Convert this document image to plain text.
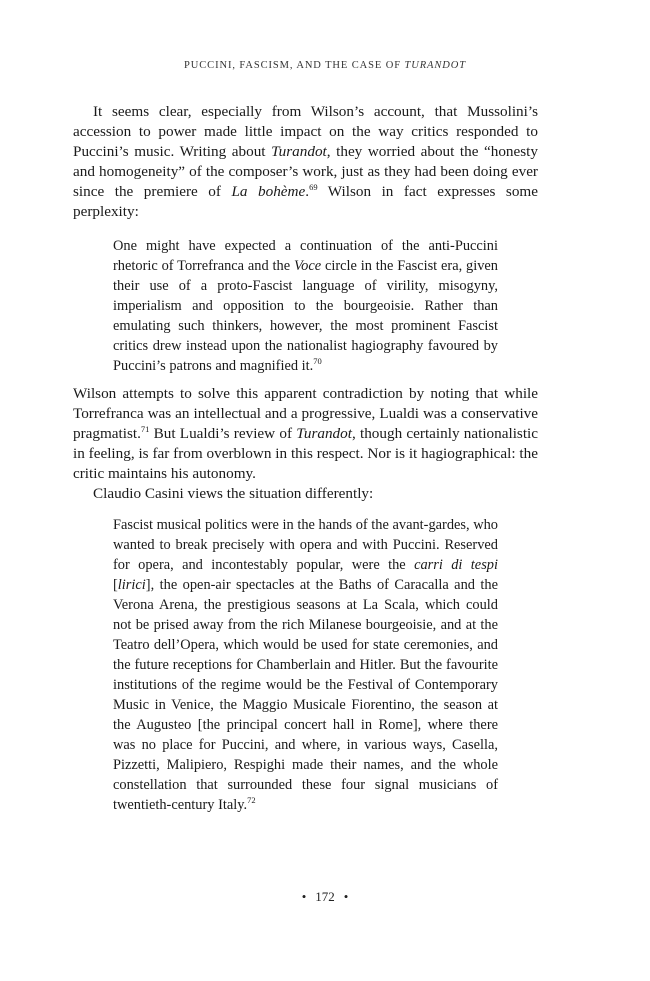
PUCCINI, FASCISM, AND THE CASE OF TURANDOT

It seems clear, especially from Wilson’s account, that Mussolini’s accession to power made little impact on the way critics responded to Puccini’s music. Writing about Turandot, they worried about the “honesty and homogeneity” of the composer’s work, just as they had been doing ever since the premiere of La bohème.$^{69}$ Wilson in fact expresses some perplexity:

One might have expected a continuation of the anti-Puccini rhetoric of Torrefranca and the Voce circle in the Fascist era, given their use of a proto-Fascist language of virility, misogyny, imperialism and opposition to the bourgeoisie. Rather than emulating such thinkers, however, the most prominent Fascist critics drew instead upon the nationalist hagiography favoured by Puccini’s patrons and magnified it.$^{70}$

Wilson attempts to solve this apparent contradiction by noting that while Torrefranca was an intellectual and a progressive, Lualdi was a conservative pragmatist.$^{71}$ But Lualdi’s review of Turandot, though certainly nationalistic in feeling, is far from overblown in this respect. Nor is it hagiographical: the critic maintains his autonomy.

Claudio Casini views the situation differently:

Fascist musical politics were in the hands of the avant-gardes, who wanted to break precisely with opera and with Puccini. Reserved for opera, and incontestably popular, were the carri di tespi [lirici], the open-air spectacles at the Baths of Caracalla and the Verona Arena, the prestigious seasons at La Scala, which could not be prised away from the rich Milanese bourgeoisie, and at the Teatro dell’Opera, which would be used for state ceremonies, and the future receptions for Chamberlain and Hitler. But the favourite institutions of the regime would be the Festival of Contemporary Music in Venice, the Maggio Musicale Fiorentino, the season at the Augusteo [the principal concert hall in Rome], where there was no place for Puccini, and where, in various ways, Casella, Pizzetti, Malipiero, Respighi made their names, and the whole constellation that surrounded these four signal musicians of twentieth-century Italy.$^{72}$

• 172 •
